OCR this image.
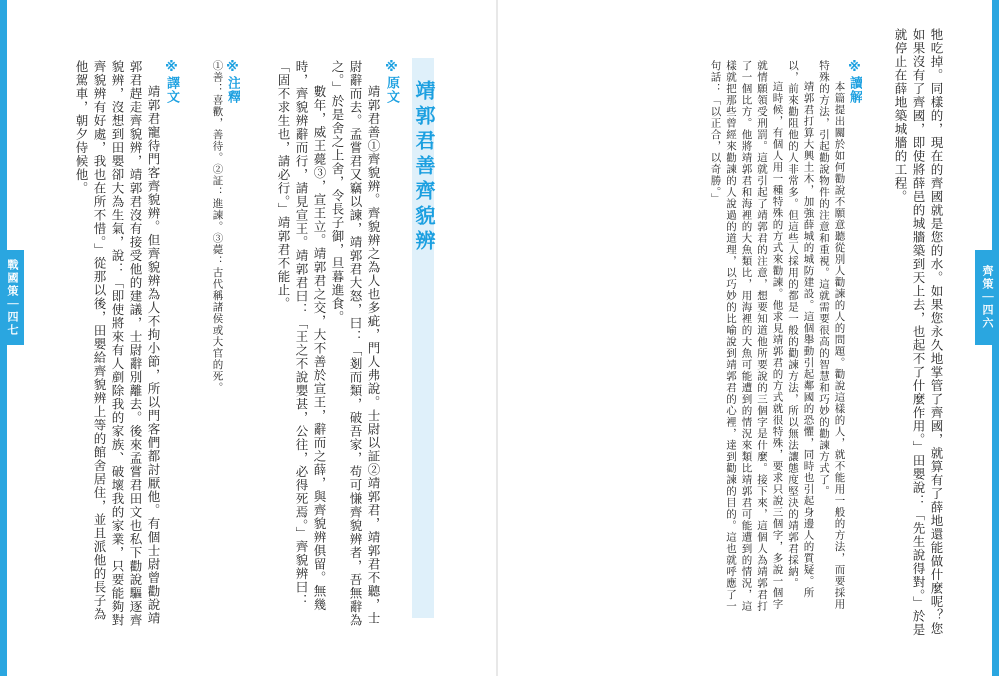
戰國策｜四七	齊策｜四六

牠吃掉。同樣的，現在的齊國就是您的水。如果您永久地掌管了齊國，就算有了薛地還能做什麼呢？您如果沒有了齊國，即使將薛邑的城牆築到天上去，也起不了什麼作用。」田嬰說：「先生說得對。」於是就停止在薛地築城牆的工程。

※讀解

本篇提出關於如何勸說不願意聽從別人勸諫的人的問題。勸說這樣的人，就不能用一般的方法，而要採用特殊的方法，引起勸說物件的注意和重視。這就需要很高的智慧和巧妙的勸諫方式了。

靖郭君打算大興土木，加強薛城的城防建設。這個舉動引起鄰國的恐懼，同時也引起身邊人的質疑。所以，前來勸阻他的人非常多。但這些人採用的都是一般的勸諫方法，所以無法讓態度堅決的靖郭君採納。

這時候，有個人用一種特殊的方式來勸諫。他求見靖郭君的方式就很特殊，要求只說三個字，多說一個字就情願領受刑罰。這就引起了靖郭君的注意，想要知道他所要說的三個字是什麼。接下來，這個人為靖郭君打了一個比方。他將靖郭君和海裡的大魚類比，用海裡的大魚可能遭到的情況來類比靖郭君可能遭到的情況，這樣就把那些曾經來勸諫的人說過的道理，以巧妙的比喻說到靖郭君的心裡，達到勸諫的目的。這也就呼應了一句話：「以正合，以奇勝。」

靖郭君善齊貌辨

※原文

靖郭君善①齊貌辨。齊貌辨之為人也多疵，門人弗說。士尉以証②靖郭君，靖郭君不聽，士尉辭而去。孟嘗君又竊以諫，靖郭君大怒，曰：「剗而類，破吾家，苟可慊齊貌辨者，吾無辭為之。」於是舍之上舍，令長子御，旦暮進食。

數年，威王薨③，宣王立。靖郭君之交，大不善於宣王，辭而之薛，與齊貌辨俱留。無幾時，齊貌辨辭而行，請見宣王。靖郭君曰：「王之不說嬰甚，公往，必得死焉。」齊貌辨曰：「固不求生也，請必行。」靖郭君不能止。

※注釋

①善：喜歡，善待。②証：進諫。③薨：古代稱諸侯或大官的死。

※譯文

靖郭君寵待門客齊貌辨。但齊貌辨為人不拘小節，所以門客們都討厭他。有個士尉曾勸說靖郭君趕走齊貌辨，靖郭君沒有接受他的建議，士尉辭別離去。後來孟嘗君田文也私下勸說驅逐齊貌辨，沒想到田嬰卻大為生氣，說：「即使將來有人剷除我的家族、破壞我的家業，只要能夠對齊貌辨有好處，我也在所不惜。」從那以後，田嬰給齊貌辨上等的館舍居住，並且派他的長子為他駕車，朝夕侍候他。
